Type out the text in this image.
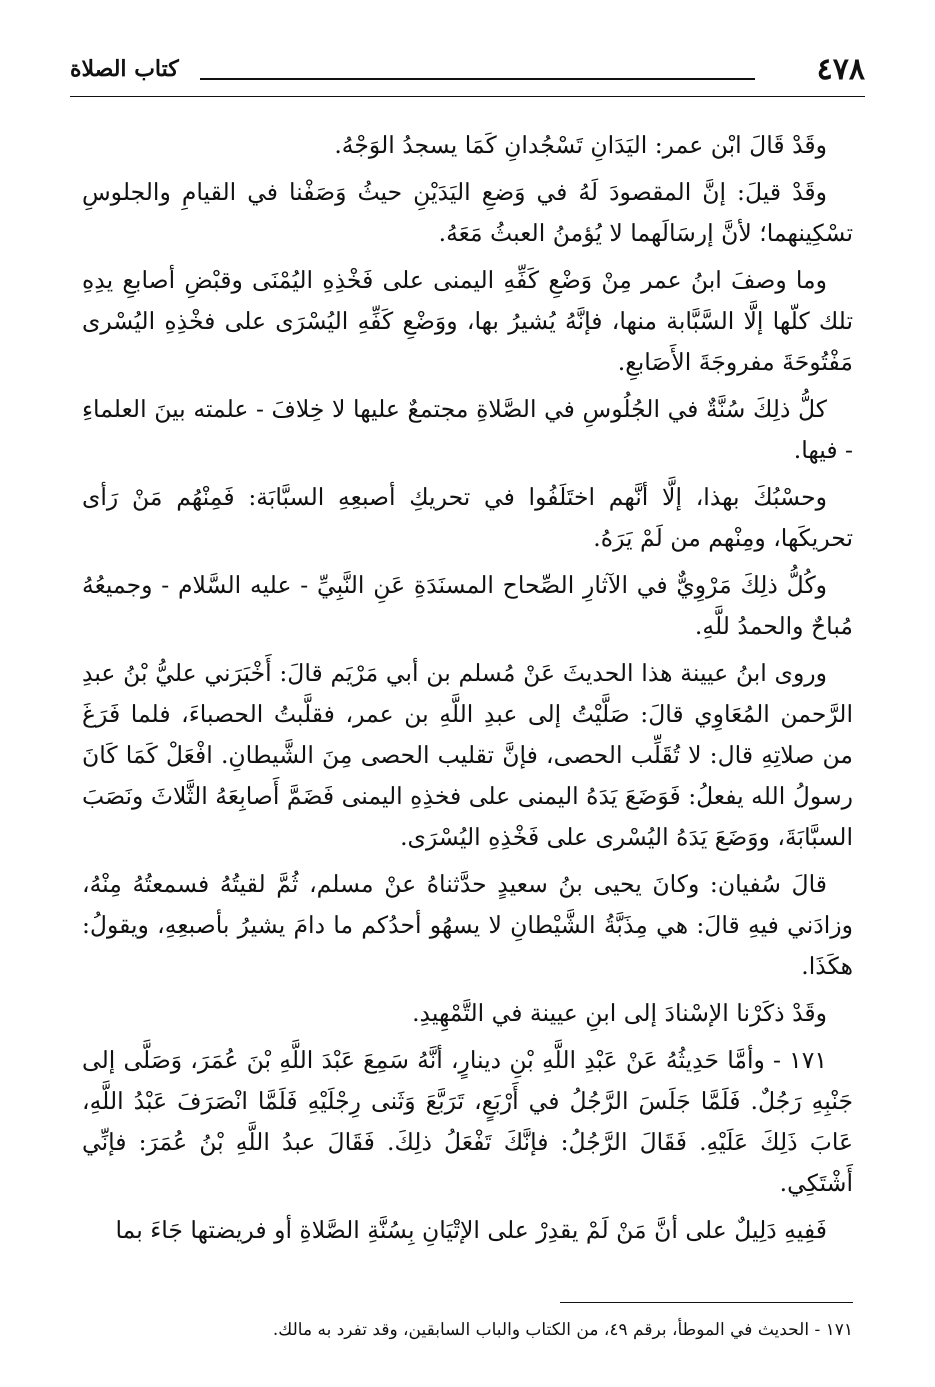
٤٧٨
كتاب الصلاة

وقَدْ قَالَ ابْن عمر: اليَدَانِ تَسْجُدانِ كَمَا يسجدُ الوَجْهُ.

وقَدْ قيلَ: إنَّ المقصودَ لَهُ في وَضعِ اليَدَيْنِ حيثُ وَصَفْنا في القيامِ والجلوسِ تسْكِينهما؛ لأنَّ إرسَالَهما لا يُؤمنُ العبثُ مَعَهُ.

وما وصفَ ابنُ عمر مِنْ وَضْعِ كَفِّهِ اليمنى على فَخْذِهِ اليُمْنَى وقبْضِ أصابعِ يدِهِ تلك كلّها إلَّا السَّبَّابة منها، فإنَّهُ يُشيرُ بها، ووَضْعِ كَفِّهِ اليُسْرَى على فخْذِهِ اليُسْرى مَفْتُوحَةَ مفروجَةَ الأَصَابعِ.

كلُّ ذلِكَ سُنَّةٌ في الجُلُوسِ في الصَّلاةِ مجتمعٌ عليها لا خِلافَ - علمته بينَ العلماءِ - فيها.

وحسْبُكَ بهذا، إلَّا أنَّهم اختَلَفُوا في تحريكِ أصبعِهِ السبَّابَة: فَمِنْهُم مَنْ رَأى تحريكَها، ومِنْهم من لَمْ يَرَهُ.

وكُلُّ ذلِكَ مَرْوِيٌّ في الآثارِ الصِّحاح المسنَدَةِ عَنِ النَّبِيِّ - عليه السَّلام - وجميعُهُ مُباحٌ والحمدُ للَّهِ.

وروى ابنُ عيينة هذا الحديثَ عَنْ مُسلم بن أبي مَرْيَم قالَ: أَخْبَرَني عليُّ بْنُ عبدِ الرَّحمن المُعَاوِي قالَ: صَلَّيْتُ إلى عبدِ اللَّهِ بن عمر، فقلَّبتُ الحصباءَ، فلما فَرَغَ من صلاتِهِ قال: لا تُقَلِّب الحصى، فإنَّ تقليب الحصى مِنَ الشَّيطانِ. افْعَلْ كَمَا كَانَ رسولُ الله يفعلُ: فَوَضَعَ يَدَهُ اليمنى على فخذِهِ اليمنى فَضَمَّ أَصابِعَهُ الثَّلاثَ ونَصَبَ السبَّابَةَ، ووَضَعَ يَدَهُ اليُسْرى على فَخْذِهِ اليُسْرَى.

قالَ سُفيان: وكانَ يحيى بنُ سعيدٍ حدَّثناهُ عنْ مسلم، ثُمَّ لقيتُهُ فسمعتُهُ مِنْهُ، وزادَني فيهِ قالَ: هي مِذَبَّةُ الشَّيْطانِ لا يسهُو أحدُكم ما دامَ يشيرُ بأصبعِهِ، ويقولُ: هكَذَا.

وقَدْ ذكَرْنا الإسْنادَ إلى ابنِ عيينة في التَّمْهِيدِ.

١٧١ - وأمَّا حَدِيثُهُ عَنْ عَبْدِ اللَّهِ بْنِ دينارٍ، أنَّهُ سَمِعَ عَبْدَ اللَّهِ بْنَ عُمَرَ، وَصَلَّى إلى جَنْبِهِ رَجُلٌ. فَلَمَّا جَلَسَ الرَّجُلُ في أَرْبَعٍ، تَرَبَّعَ وَثَنى رِجْلَيْهِ فَلَمَّا انْصَرَفَ عَبْدُ اللَّهِ، عَابَ ذَلِكَ عَلَيْهِ. فَقَالَ الرَّجُلُ: فإنَّكَ تَفْعَلُ ذلِكَ. فَقَالَ عبدُ اللَّهِ بْنُ عُمَرَ: فإنِّي أَشْتَكِي.

فَفِيهِ دَلِيلٌ على أنَّ مَنْ لَمْ يقدِرْ على الإتْيَانِ بِسُنَّةِ الصَّلاةِ أو فريضتها جَاءَ بما

١٧١ - الحديث في الموطأ، برقم ٤٩، من الكتاب والباب السابقين، وقد تفرد به مالك.
